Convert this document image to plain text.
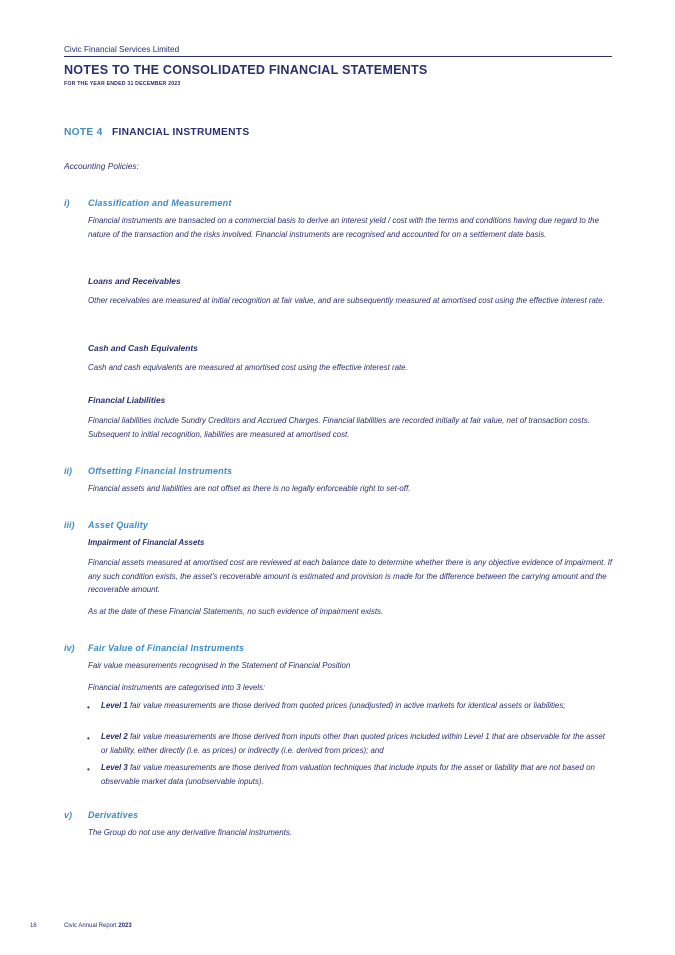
Civic Financial Services Limited
NOTES TO THE CONSOLIDATED FINANCIAL STATEMENTS
FOR THE YEAR ENDED 31 DECEMBER 2023
NOTE 4 FINANCIAL INSTRUMENTS
Accounting Policies:
i) Classification and Measurement
Financial instruments are transacted on a commercial basis to derive an interest yield / cost with the terms and conditions having due regard to the nature of the transaction and the risks involved. Financial instruments are recognised and accounted for on a settlement date basis.
Loans and Receivables
Other receivables are measured at initial recognition at fair value, and are subsequently measured at amortised cost using the effective interest rate.
Cash and Cash Equivalents
Cash and cash equivalents are measured at amortised cost using the effective interest rate.
Financial Liabilities
Financial liabilities include Sundry Creditors and Accrued Charges. Financial liabilities are recorded initially at fair value, net of transaction costs. Subsequent to initial recognition, liabilities are measured at amortised cost.
ii) Offsetting Financial Instruments
Financial assets and liabilities are not offset as there is no legally enforceable right to set-off.
iii) Asset Quality
Impairment of Financial Assets
Financial assets measured at amortised cost are reviewed at each balance date to determine whether there is any objective evidence of impairment. If any such condition exists, the asset's recoverable amount is estimated and provision is made for the difference between the carrying amount and the recoverable amount.
As at the date of these Financial Statements, no such evidence of impairment exists.
iv) Fair Value of Financial Instruments
Fair value measurements recognised in the Statement of Financial Position
Financial instruments are categorised into 3 levels:
• Level 1 fair value measurements are those derived from quoted prices (unadjusted) in active markets for identical assets or liabilities;
• Level 2 fair value measurements are those derived from inputs other than quoted prices included within Level 1 that are observable for the asset or liability, either directly (i.e. as prices) or indirectly (i.e. derived from prices); and
• Level 3 fair value measurements are those derived from valuation techniques that include inputs for the asset or liability that are not based on observable market data (unobservable inputs).
v) Derivatives
The Group do not use any derivative financial instruments.
16	Civic Annual Report 2023
